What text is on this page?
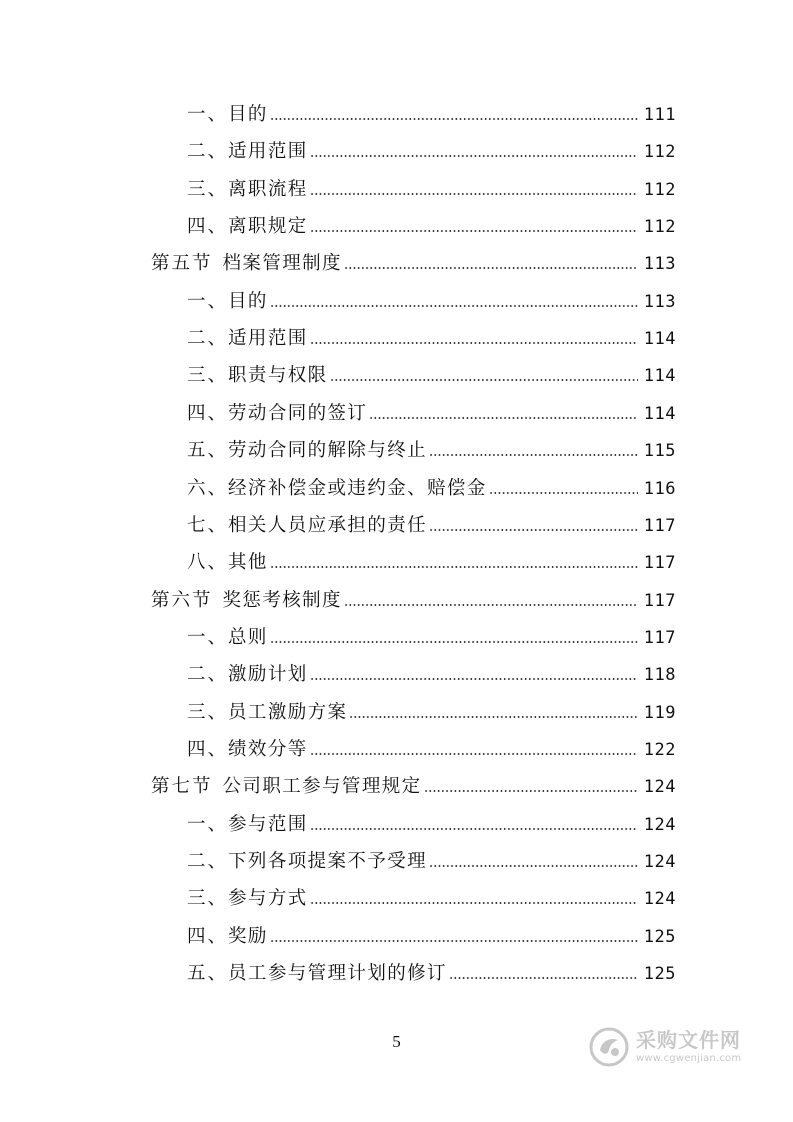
一、 目的	111
二、 适用范围	112
三、 离职流程	112
四、 离职规定	112
第五节 档案管理制度	113
一、 目的	113
二、 适用范围	114
三、 职责与权限	114
四、 劳动合同的签订	114
五、 劳动合同的解除与终止	115
六、 经济补偿金或违约金、赔偿金	116
七、 相关人员应承担的责任	117
八、 其他	117
第六节 奖惩考核制度	117
一、 总则	117
二、 激励计划	118
三、 员工激励方案	119
四、 绩效分等	122
第七节 公司职工参与管理规定	124
一、 参与范围	124
二、 下列各项提案不予受理	124
三、 参与方式	124
四、 奖励	125
五、 员工参与管理计划的修订	125
5	采购文件网
www.cgwenjian.com
